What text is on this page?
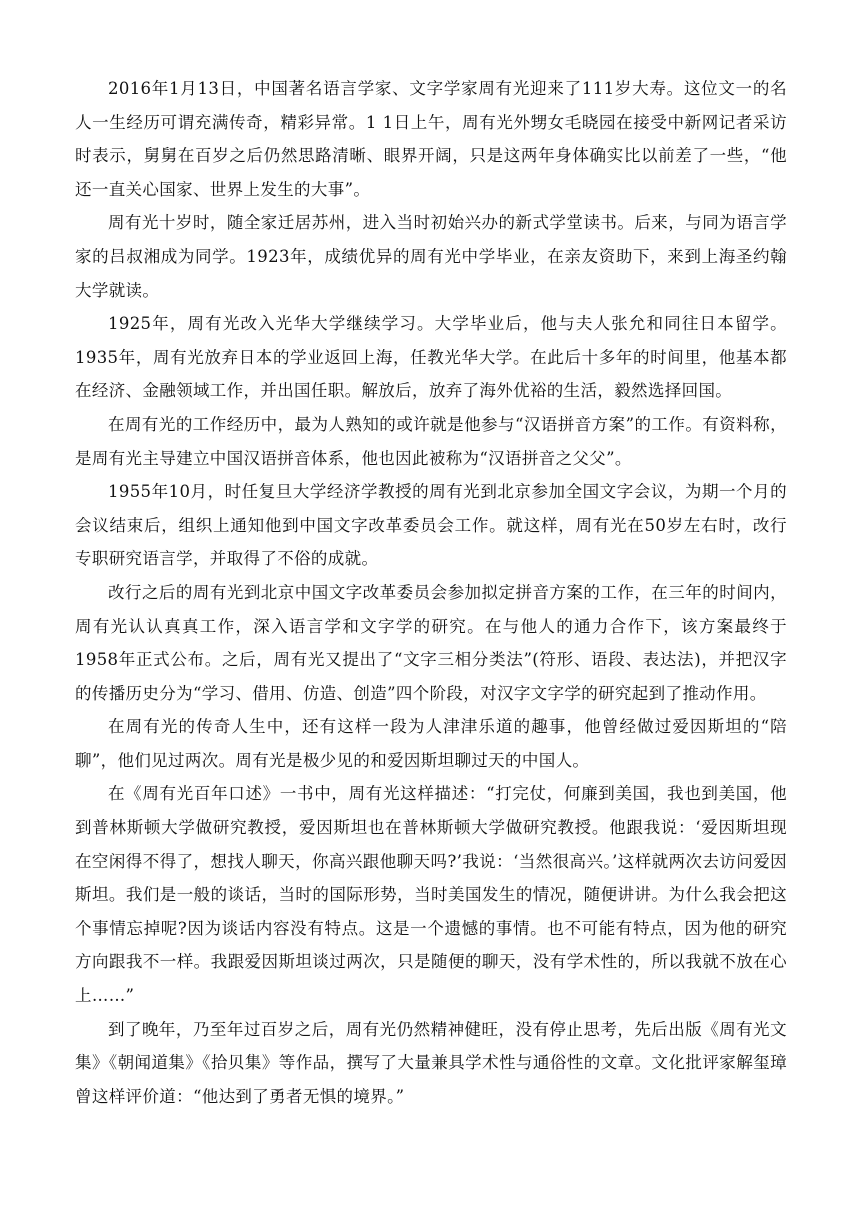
2016年1月13日，中国著名语言学家、文字学家周有光迎来了111岁大寿。这位文一的名人一生经历可谓充满传奇，精彩异常。1 1日上午，周有光外甥女毛晓园在接受中新网记者采访时表示，舅舅在百岁之后仍然思路清晰、眼界开阔，只是这两年身体确实比以前差了一些，“他还一直关心国家、世界上发生的大事”。

周有光十岁时，随全家迁居苏州，进入当时初始兴办的新式学堂读书。后来，与同为语言学家的吕叔湘成为同学。1923年，成绩优异的周有光中学毕业，在亲友资助下，来到上海圣约翰大学就读。

1925年，周有光改入光华大学继续学习。大学毕业后，他与夫人张允和同往日本留学。1935年，周有光放弃日本的学业返回上海，任教光华大学。在此后十多年的时间里，他基本都在经济、金融领域工作，并出国任职。解放后，放弃了海外优裕的生活，毅然选择回国。

在周有光的工作经历中，最为人熟知的或许就是他参与“汉语拼音方案”的工作。有资料称，是周有光主导建立中国汉语拼音体系，他也因此被称为“汉语拼音之父父”。

1955年10月，时任复旦大学经济学教授的周有光到北京参加全国文字会议，为期一个月的会议结束后，组织上通知他到中国文字改革委员会工作。就这样，周有光在50岁左右时，改行专职研究语言学，并取得了不俗的成就。

改行之后的周有光到北京中国文字改革委员会参加拟定拼音方案的工作，在三年的时间内，周有光认认真真工作，深入语言学和文字学的研究。在与他人的通力合作下，该方案最终于1958年正式公布。之后，周有光又提出了“文字三相分类法”(符形、语段、表达法)，并把汉字的传播历史分为“学习、借用、仿造、创造”四个阶段，对汉字文字学的研究起到了推动作用。

在周有光的传奇人生中，还有这样一段为人津津乐道的趣事，他曾经做过爱因斯坦的“陪聊”，他们见过两次。周有光是极少见的和爱因斯坦聊过天的中国人。

在《周有光百年口述》一书中，周有光这样描述：“打完仗，何廉到美国，我也到美国，他到普林斯顿大学做研究教授，爱因斯坦也在普林斯顿大学做研究教授。他跟我说：‘爱因斯坦现在空闲得不得了，想找人聊天，你高兴跟他聊天吗?’我说：‘当然很高兴。’这样就两次去访问爱因斯坦。我们是一般的谈话，当时的国际形势，当时美国发生的情况，随便讲讲。为什么我会把这个事情忘掉呢?因为谈话内容没有特点。这是一个遗憾的事情。也不可能有特点，因为他的研究方向跟我不一样。我跟爱因斯坦谈过两次，只是随便的聊天，没有学术性的，所以我就不放在心上……”

到了晚年，乃至年过百岁之后，周有光仍然精神健旺，没有停止思考，先后出版《周有光文集》《朝闻道集》《拾贝集》等作品，撰写了大量兼具学术性与通俗性的文章。文化批评家解玺璋曾这样评价道：“他达到了勇者无惧的境界。”
